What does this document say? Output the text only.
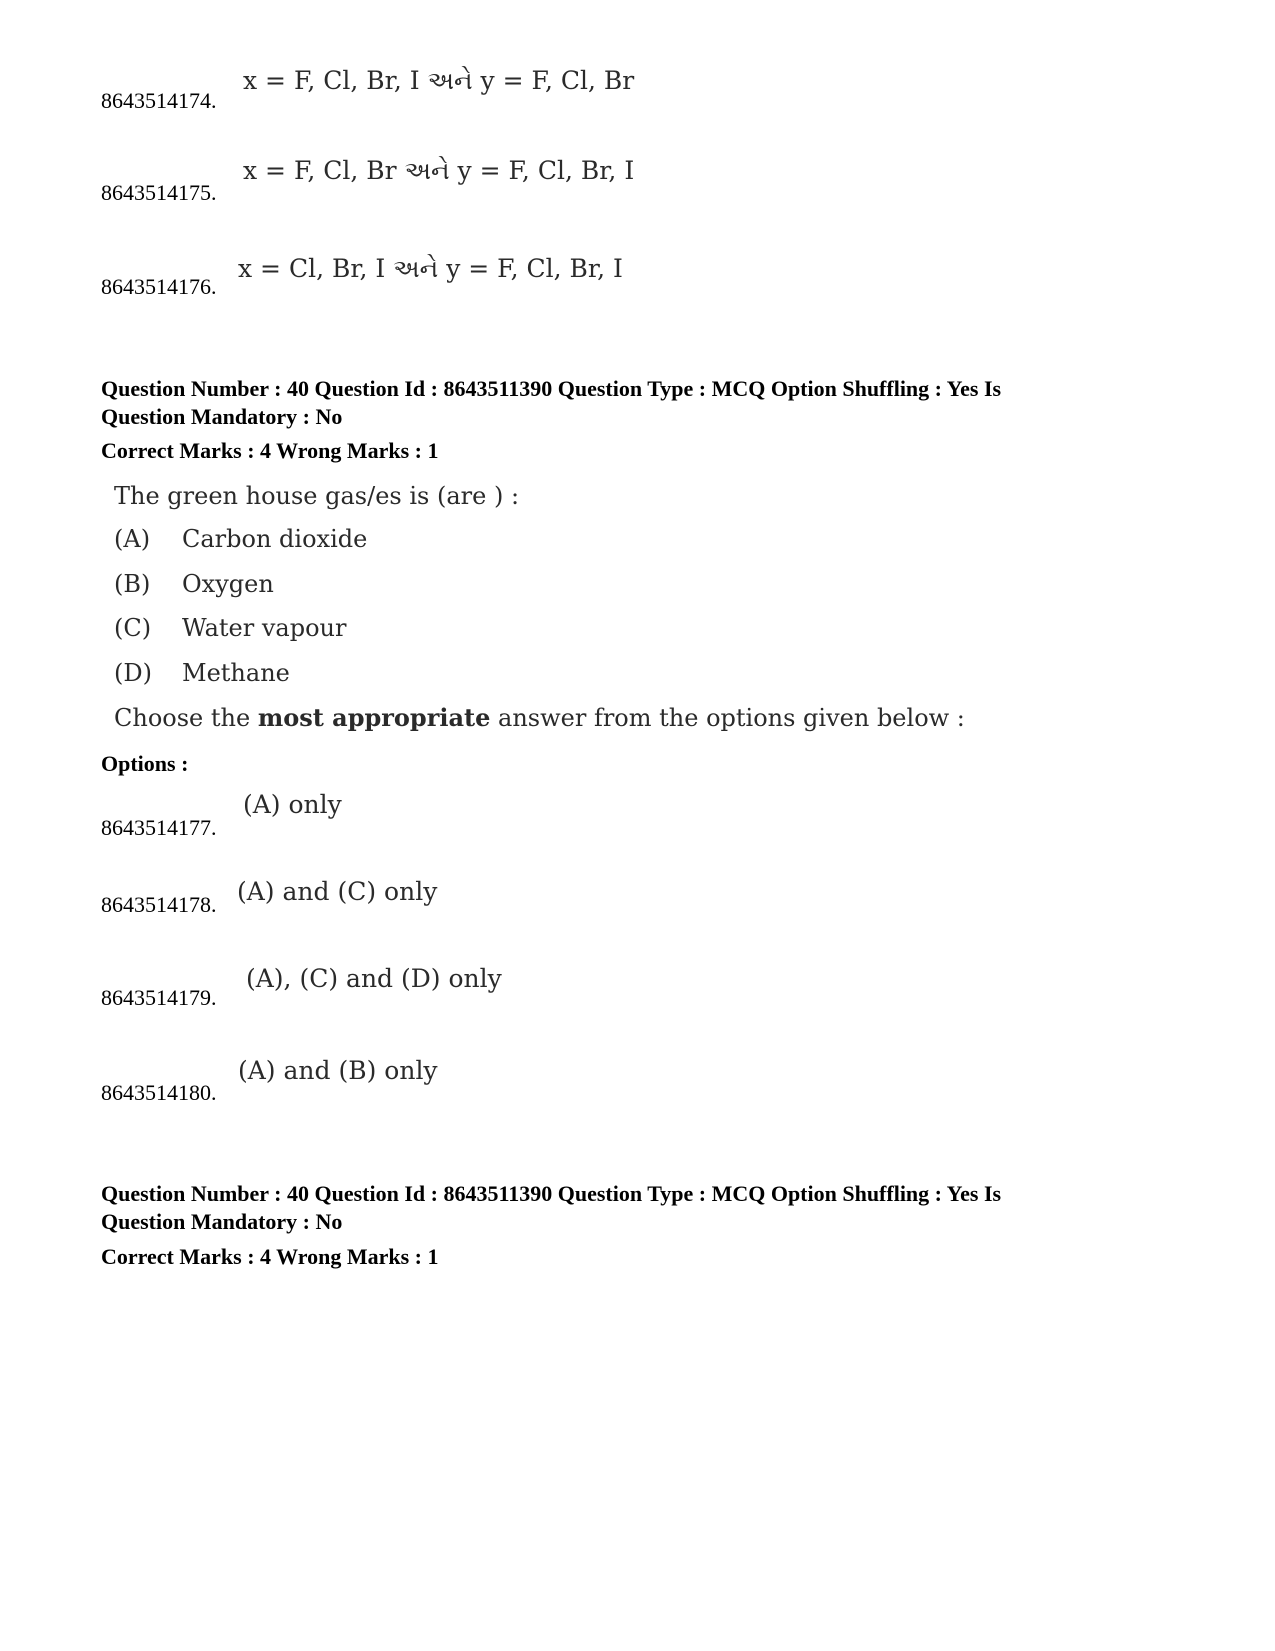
x = F, Cl, Br, I અને y = F, Cl, Br
8643514174.
x = F, Cl, Br અને y = F, Cl, Br, I
8643514175.
x = Cl, Br, I અને y = F, Cl, Br, I
8643514176.
Question Number : 40 Question Id : 8643511390 Question Type : MCQ Option Shuffling : Yes Is
Question Mandatory : No
Correct Marks : 4 Wrong Marks : 1
The green house gas/es is (are ) :
(A) Carbon dioxide
(B) Oxygen
(C) Water vapour
(D) Methane
Choose the most appropriate answer from the options given below :
Options :
(A) only
8643514177.
(A) and (C) only
8643514178.
(A), (C) and (D) only
8643514179.
(A) and (B) only
8643514180.
Question Number : 40 Question Id : 8643511390 Question Type : MCQ Option Shuffling : Yes Is
Question Mandatory : No
Correct Marks : 4 Wrong Marks : 1
